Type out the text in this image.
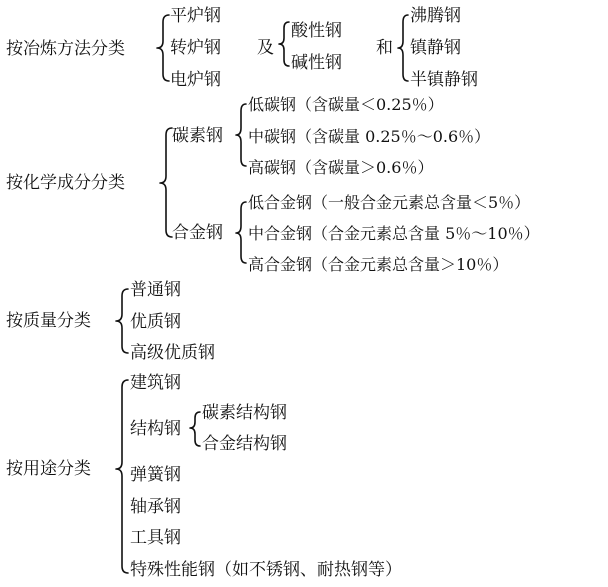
按冶炼方法分类
平炉钢
转炉钢
电炉钢
及
酸性钢
碱性钢
和
沸腾钢
镇静钢
半镇静钢
按化学成分分类
碳素钢
低碳钢（含碳量＜0.25％）
中碳钢（含碳量 0.25％～0.6％）
高碳钢（含碳量＞0.6％）
合金钢
低合金钢（一般合金元素总含量＜5％）
中合金钢（合金元素总含量 5％～10％）
高合金钢（合金元素总含量＞10％）
按质量分类
普通钢
优质钢
高级优质钢
按用途分类
建筑钢
结构钢
碳素结构钢
合金结构钢
弹簧钢
轴承钢
工具钢
特殊性能钢（如不锈钢、耐热钢等）
